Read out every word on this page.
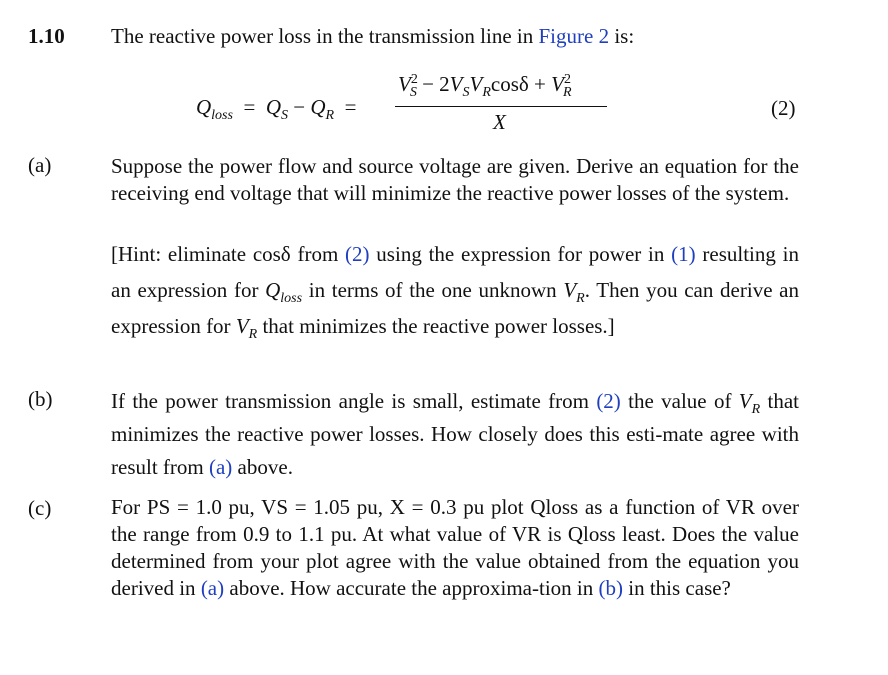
1.10 The reactive power loss in the transmission line in Figure 2 is:
$Q_{loss} = Q_S - Q_R$  =
$V^2_S - 2V_SV_R\cos\delta + V^2_R$
X
(2)
(a)	Suppose the power flow and source voltage are given. Derive an equation for the receiving end voltage that will minimize the reactive power losses of the system.
[Hint: eliminate cosδ from (2) using the expression for power in (1) resulting in an expression for $Q_{loss}$ in terms of the one unknown $V_R$. Then you can derive an expression for $V_R$ that minimizes the reactive power losses.]
(b)	If the power transmission angle is small, estimate from (2) the value of $V_R$ that minimizes the reactive power losses. How closely does this esti-mate agree with result from (a) above.
(c)	For PS = 1.0 pu, VS = 1.05 pu, X = 0.3 pu plot Qloss as a function of VR over the range from 0.9 to 1.1 pu. At what value of VR is Qloss least. Does the value determined from your plot agree with the value obtained from the equation you derived in (a) above. How accurate the approxima-tion in (b) in this case?
